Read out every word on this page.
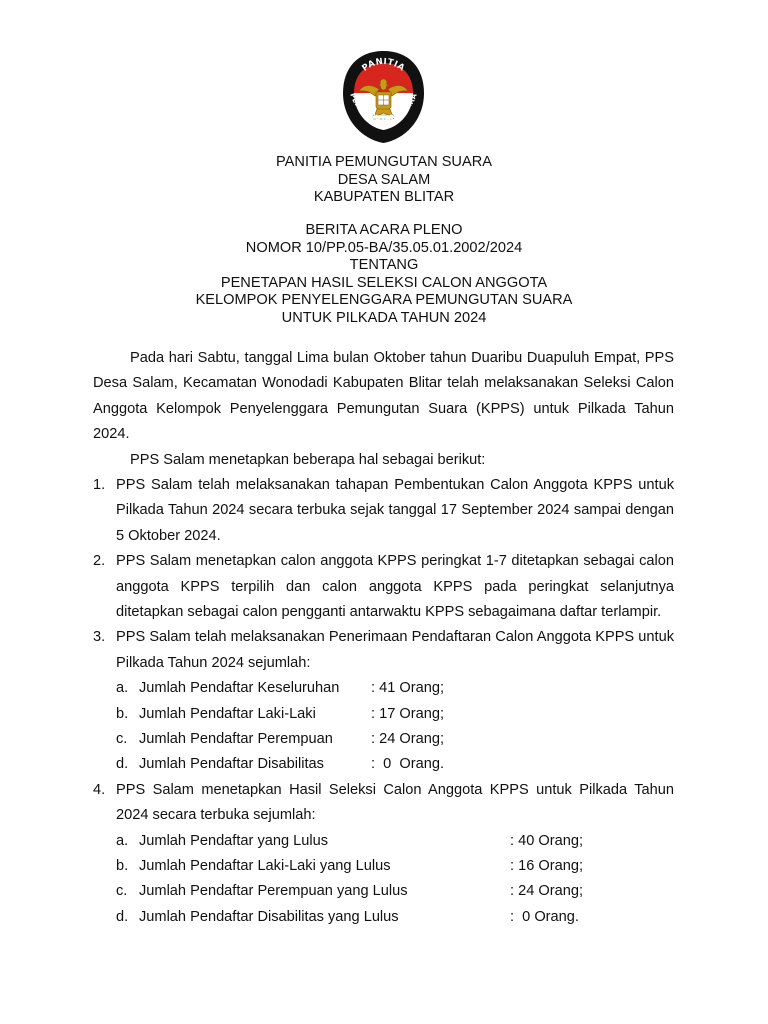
PANITIA
PEMUNGUTAN SUARA
PANITIA PEMUNGUTAN SUARA
DESA SALAM
KABUPATEN BLITAR
BERITA ACARA PLENO
NOMOR 10/PP.05-BA/35.05.01.2002/2024
TENTANG
PENETAPAN HASIL SELEKSI CALON ANGGOTA
KELOMPOK PENYELENGGARA PEMUNGUTAN SUARA
UNTUK PILKADA TAHUN 2024

Pada hari Sabtu, tanggal Lima bulan Oktober tahun Duaribu Duapuluh Empat, PPS Desa Salam, Kecamatan Wonodadi Kabupaten Blitar telah melaksanakan Seleksi Calon Anggota Kelompok Penyelenggara Pemungutan Suara (KPPS) untuk Pilkada Tahun 2024.

PPS Salam menetapkan beberapa hal sebagai berikut:

1. PPS Salam telah melaksanakan tahapan Pembentukan Calon Anggota KPPS untuk Pilkada Tahun 2024 secara terbuka sejak tanggal 17 September 2024 sampai dengan 5 Oktober 2024.
2. PPS Salam menetapkan calon anggota KPPS peringkat 1-7 ditetapkan sebagai calon anggota KPPS terpilih dan calon anggota KPPS pada peringkat selanjutnya ditetapkan sebagai calon pengganti antarwaktu KPPS sebagaimana daftar terlampir.
3. PPS Salam telah melaksanakan Penerimaan Pendaftaran Calon Anggota KPPS untuk Pilkada Tahun 2024 sejumlah:
a. Jumlah Pendaftar Keseluruhan : 41 Orang;
b. Jumlah Pendaftar Laki-Laki	: 17 Orang;
c. Jumlah Pendaftar Perempuan	: 24 Orang;
d. Jumlah Pendaftar Disabilitas	:  0  Orang.
4. PPS Salam menetapkan Hasil Seleksi Calon Anggota KPPS untuk Pilkada Tahun 2024 secara terbuka sejumlah:
a. Jumlah Pendaftar yang Lulus	: 40 Orang;
b. Jumlah Pendaftar Laki-Laki yang Lulus	: 16 Orang;
c. Jumlah Pendaftar Perempuan yang Lulus	: 24 Orang;
d. Jumlah Pendaftar Disabilitas yang Lulus	:  0 Orang.
